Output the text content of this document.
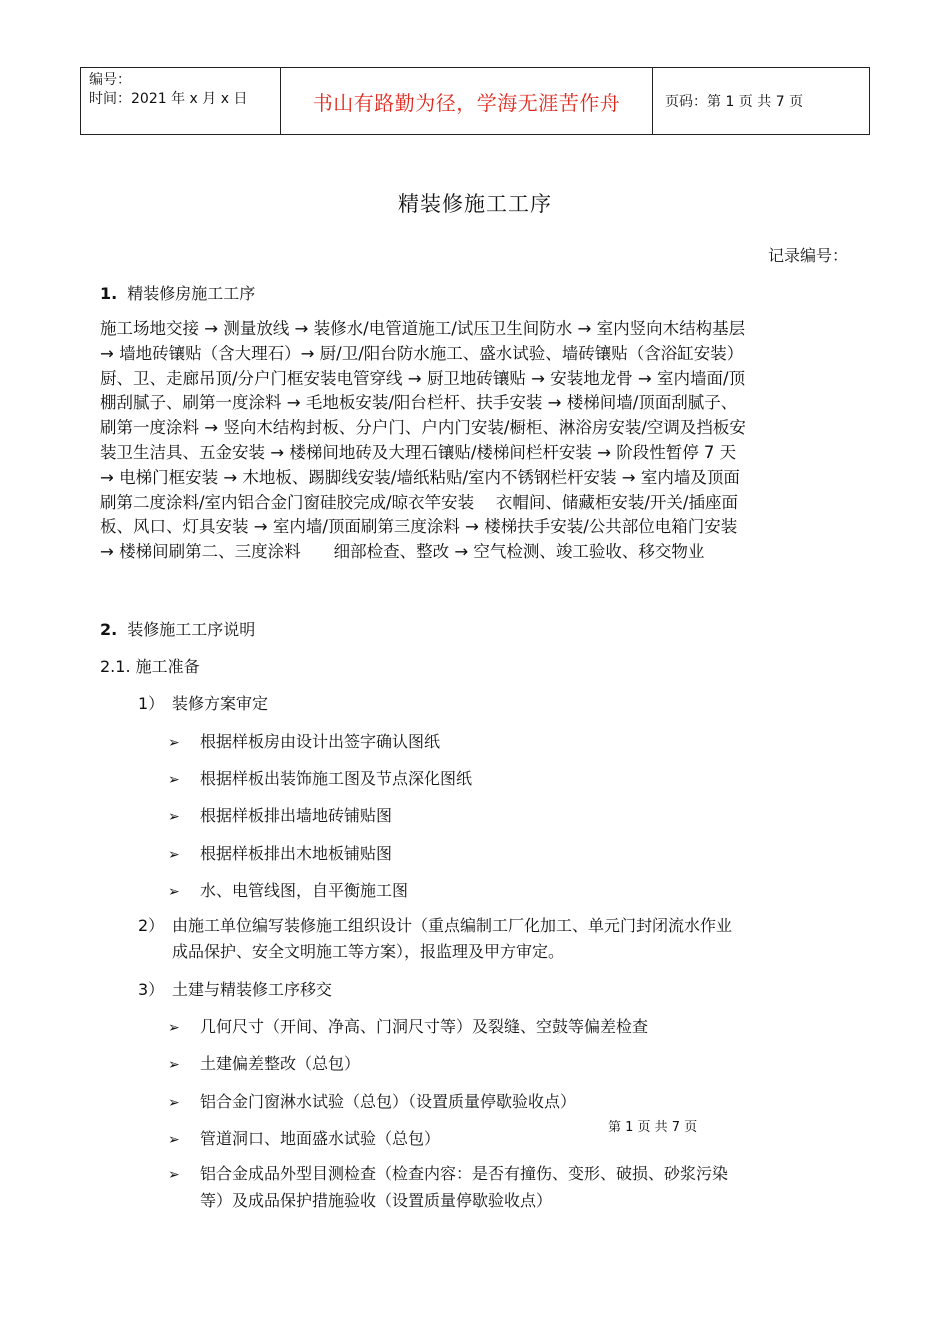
编号：
时间：2021 年 x 月 x 日	书山有路勤为径，学海无涯苦作舟	页码：第 1 页 共 7 页
精装修施工工序
记录编号：
1. 精装修房施工工序
施工场地交接 → 测量放线 → 装修水/电管道施工/试压卫生间防水 → 室内竖向木结构基层
→ 墙地砖镶贴（含大理石）→ 厨/卫/阳台防水施工、盛水试验、墙砖镶贴（含浴缸安装）
厨、卫、走廊吊顶/分户门框安装电管穿线 → 厨卫地砖镶贴 → 安装地龙骨 → 室内墙面/顶
棚刮腻子、刷第一度涂料 → 毛地板安装/阳台栏杆、扶手安装 → 楼梯间墙/顶面刮腻子、
刷第一度涂料 → 竖向木结构封板、分户门、户内门安装/橱柜、淋浴房安装/空调及挡板安
装卫生洁具、五金安装 → 楼梯间地砖及大理石镶贴/楼梯间栏杆安装 → 阶段性暂停 7 天
→ 电梯门框安装 → 木地板、踢脚线安装/墙纸粘贴/室内不锈钢栏杆安装 → 室内墙及顶面
刷第二度涂料/室内铝合金门窗硅胶完成/晾衣竿安装　 衣帽间、储藏柜安装/开关/插座面
板、风口、灯具安装 → 室内墙/顶面刷第三度涂料 → 楼梯扶手安装/公共部位电箱门安装
→ 楼梯间刷第二、三度涂料　　细部检查、整改 → 空气检测、竣工验收、移交物业
2. 装修施工工序说明
2.1. 施工准备
1） 装修方案审定
➢ 根据样板房由设计出签字确认图纸
➢ 根据样板出装饰施工图及节点深化图纸
➢ 根据样板排出墙地砖铺贴图
➢ 根据样板排出木地板铺贴图
➢ 水、电管线图，自平衡施工图
2） 由施工单位编写装修施工组织设计（重点编制工厂化加工、单元门封闭流水作业
成品保护、安全文明施工等方案），报监理及甲方审定。
3） 土建与精装修工序移交
➢ 几何尺寸（开间、净高、门洞尺寸等）及裂缝、空鼓等偏差检查
➢ 土建偏差整改（总包）
➢ 铝合金门窗淋水试验（总包）（设置质量停歇验收点）
第 1 页 共 7 页
➢ 管道洞口、地面盛水试验（总包）
➢ 铝合金成品外型目测检查（检查内容：是否有撞伤、变形、破损、砂浆污染
等）及成品保护措施验收（设置质量停歇验收点）
